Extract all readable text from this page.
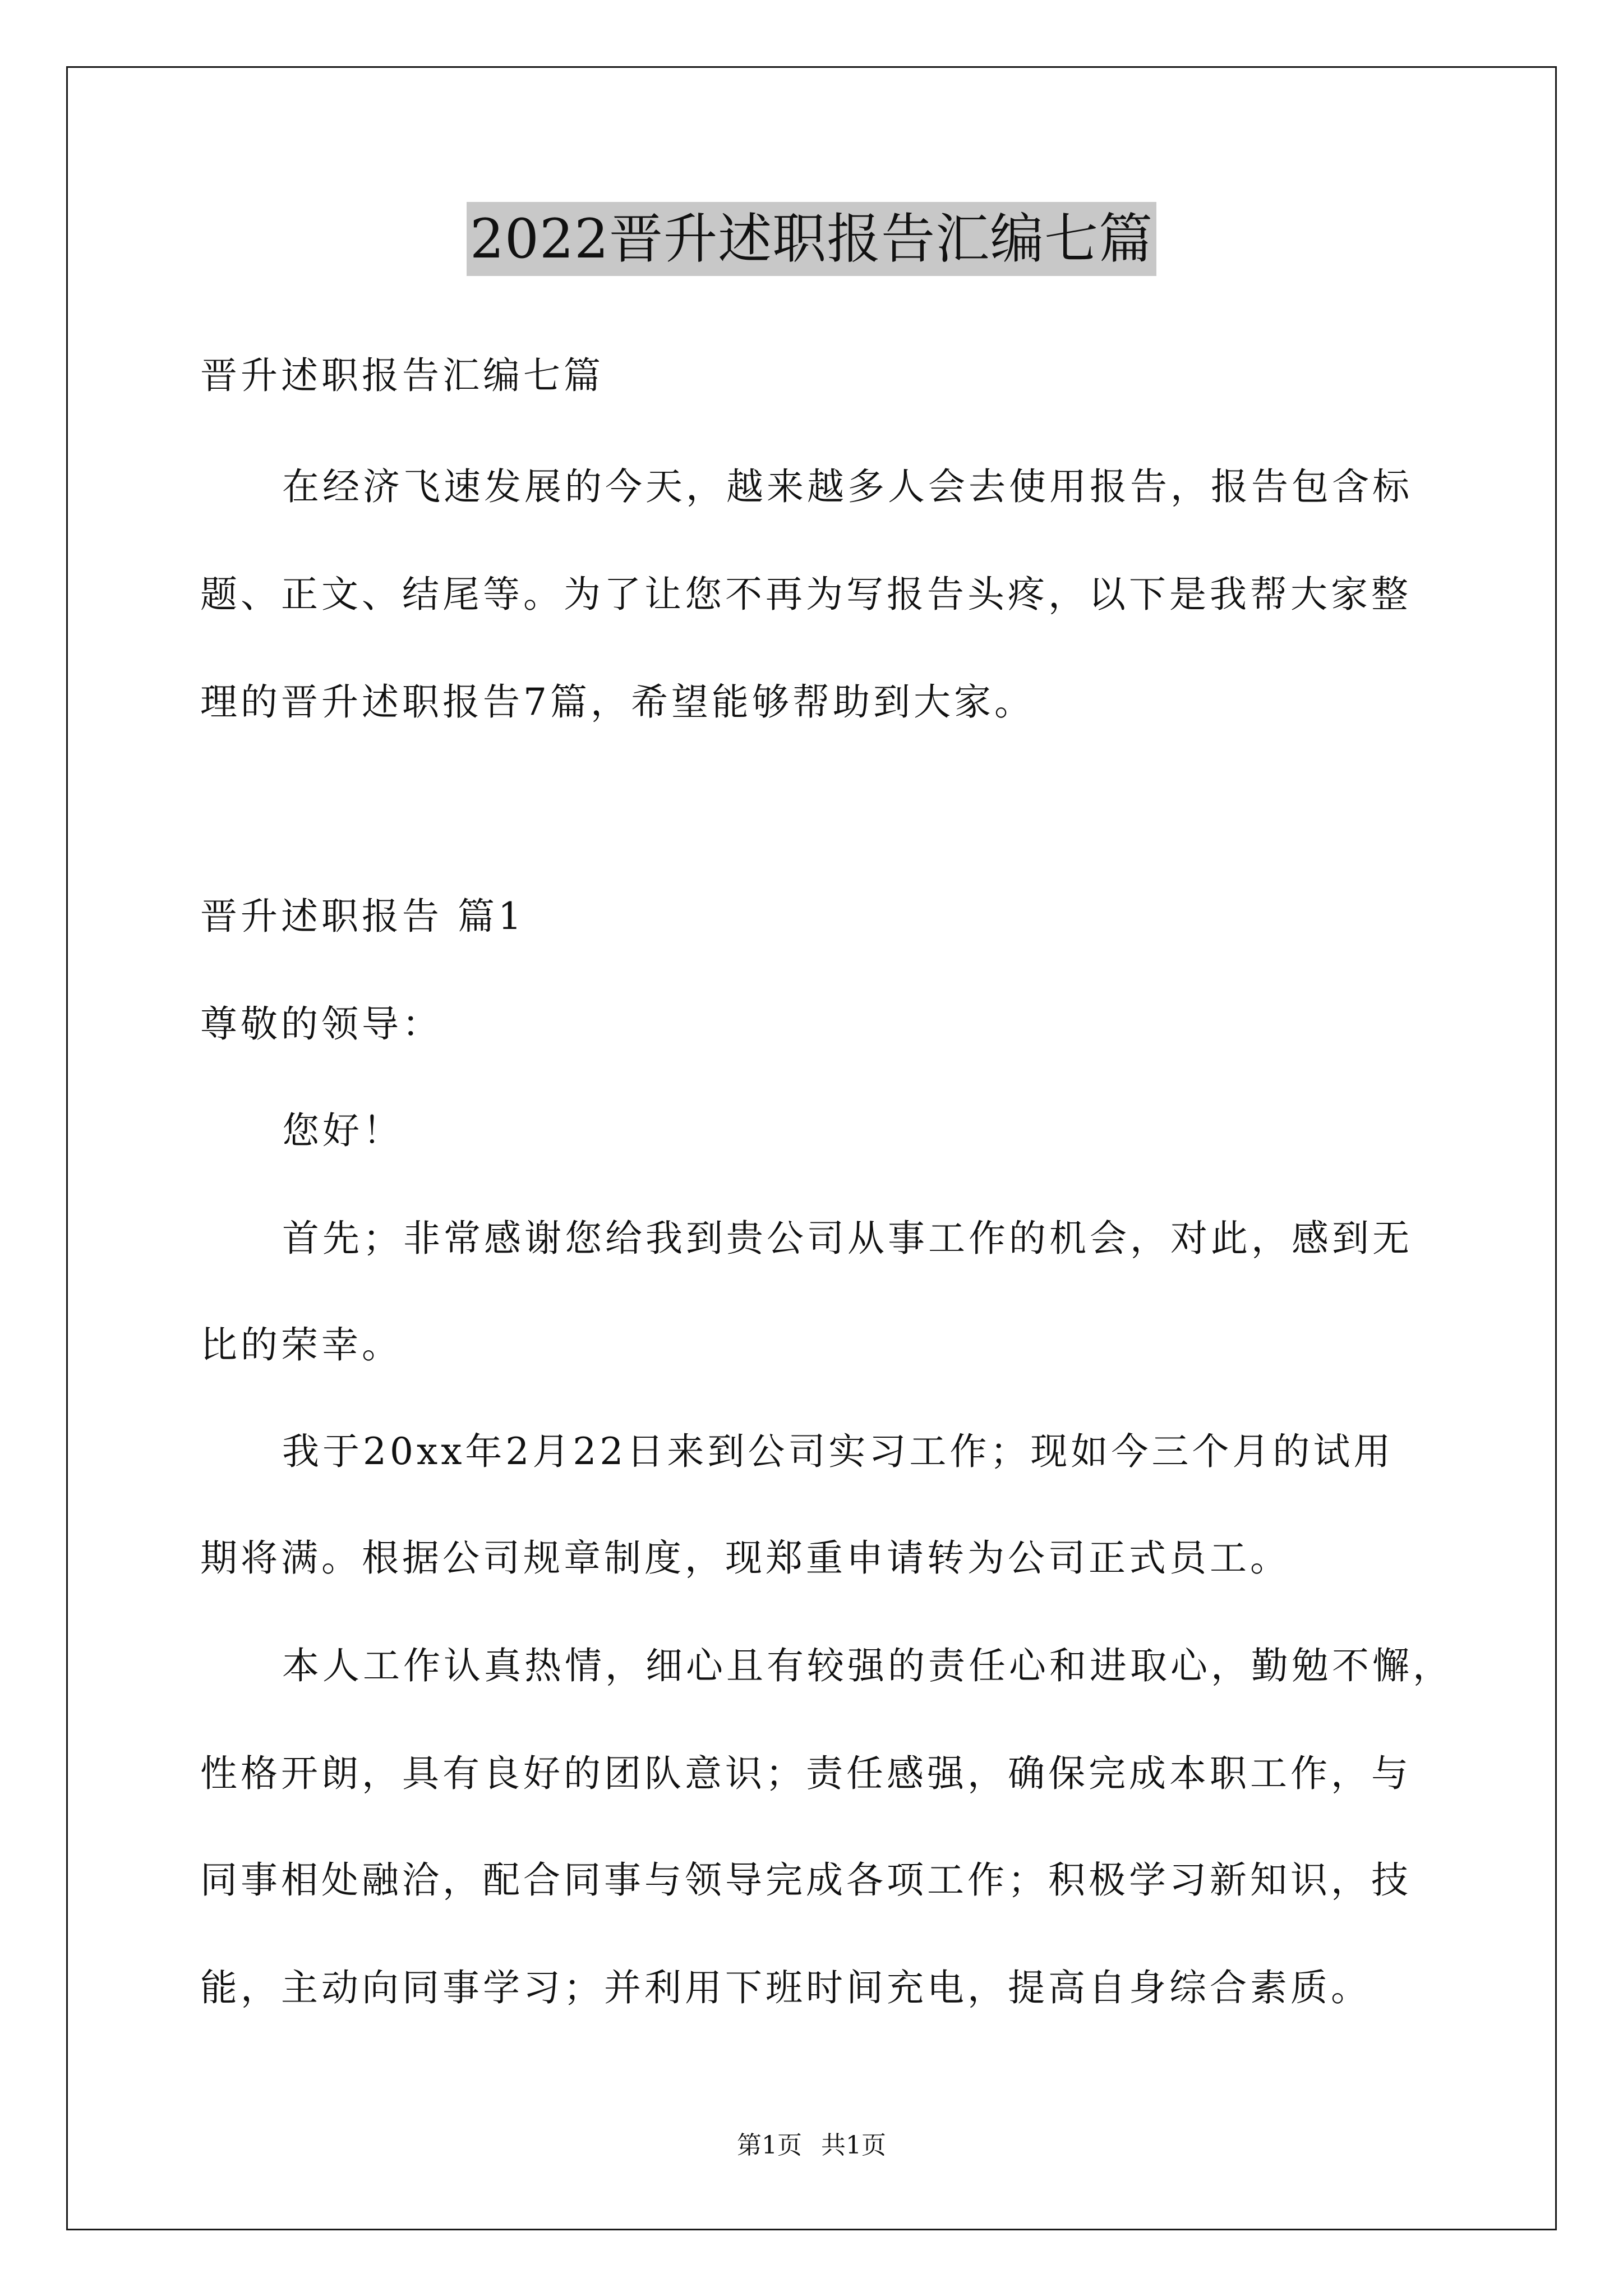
2022晋升述职报告汇编七篇
晋升述职报告汇编七篇
在经济飞速发展的今天，越来越多人会去使用报告，报告包含标
题、正文、结尾等。为了让您不再为写报告头疼，以下是我帮大家整
理的晋升述职报告7篇，希望能够帮助到大家。
晋升述职报告 篇1
尊敬的领导：
您好！
首先；非常感谢您给我到贵公司从事工作的机会，对此，感到无
比的荣幸。
我于20xx年2月22日来到公司实习工作；现如今三个月的试用
期将满。根据公司规章制度，现郑重申请转为公司正式员工。
本人工作认真热情，细心且有较强的责任心和进取心，勤勉不懈，
性格开朗，具有良好的团队意识；责任感强，确保完成本职工作，与
同事相处融洽，配合同事与领导完成各项工作；积极学习新知识，技
能，主动向同事学习；并利用下班时间充电，提高自身综合素质。
第1页 共1页
